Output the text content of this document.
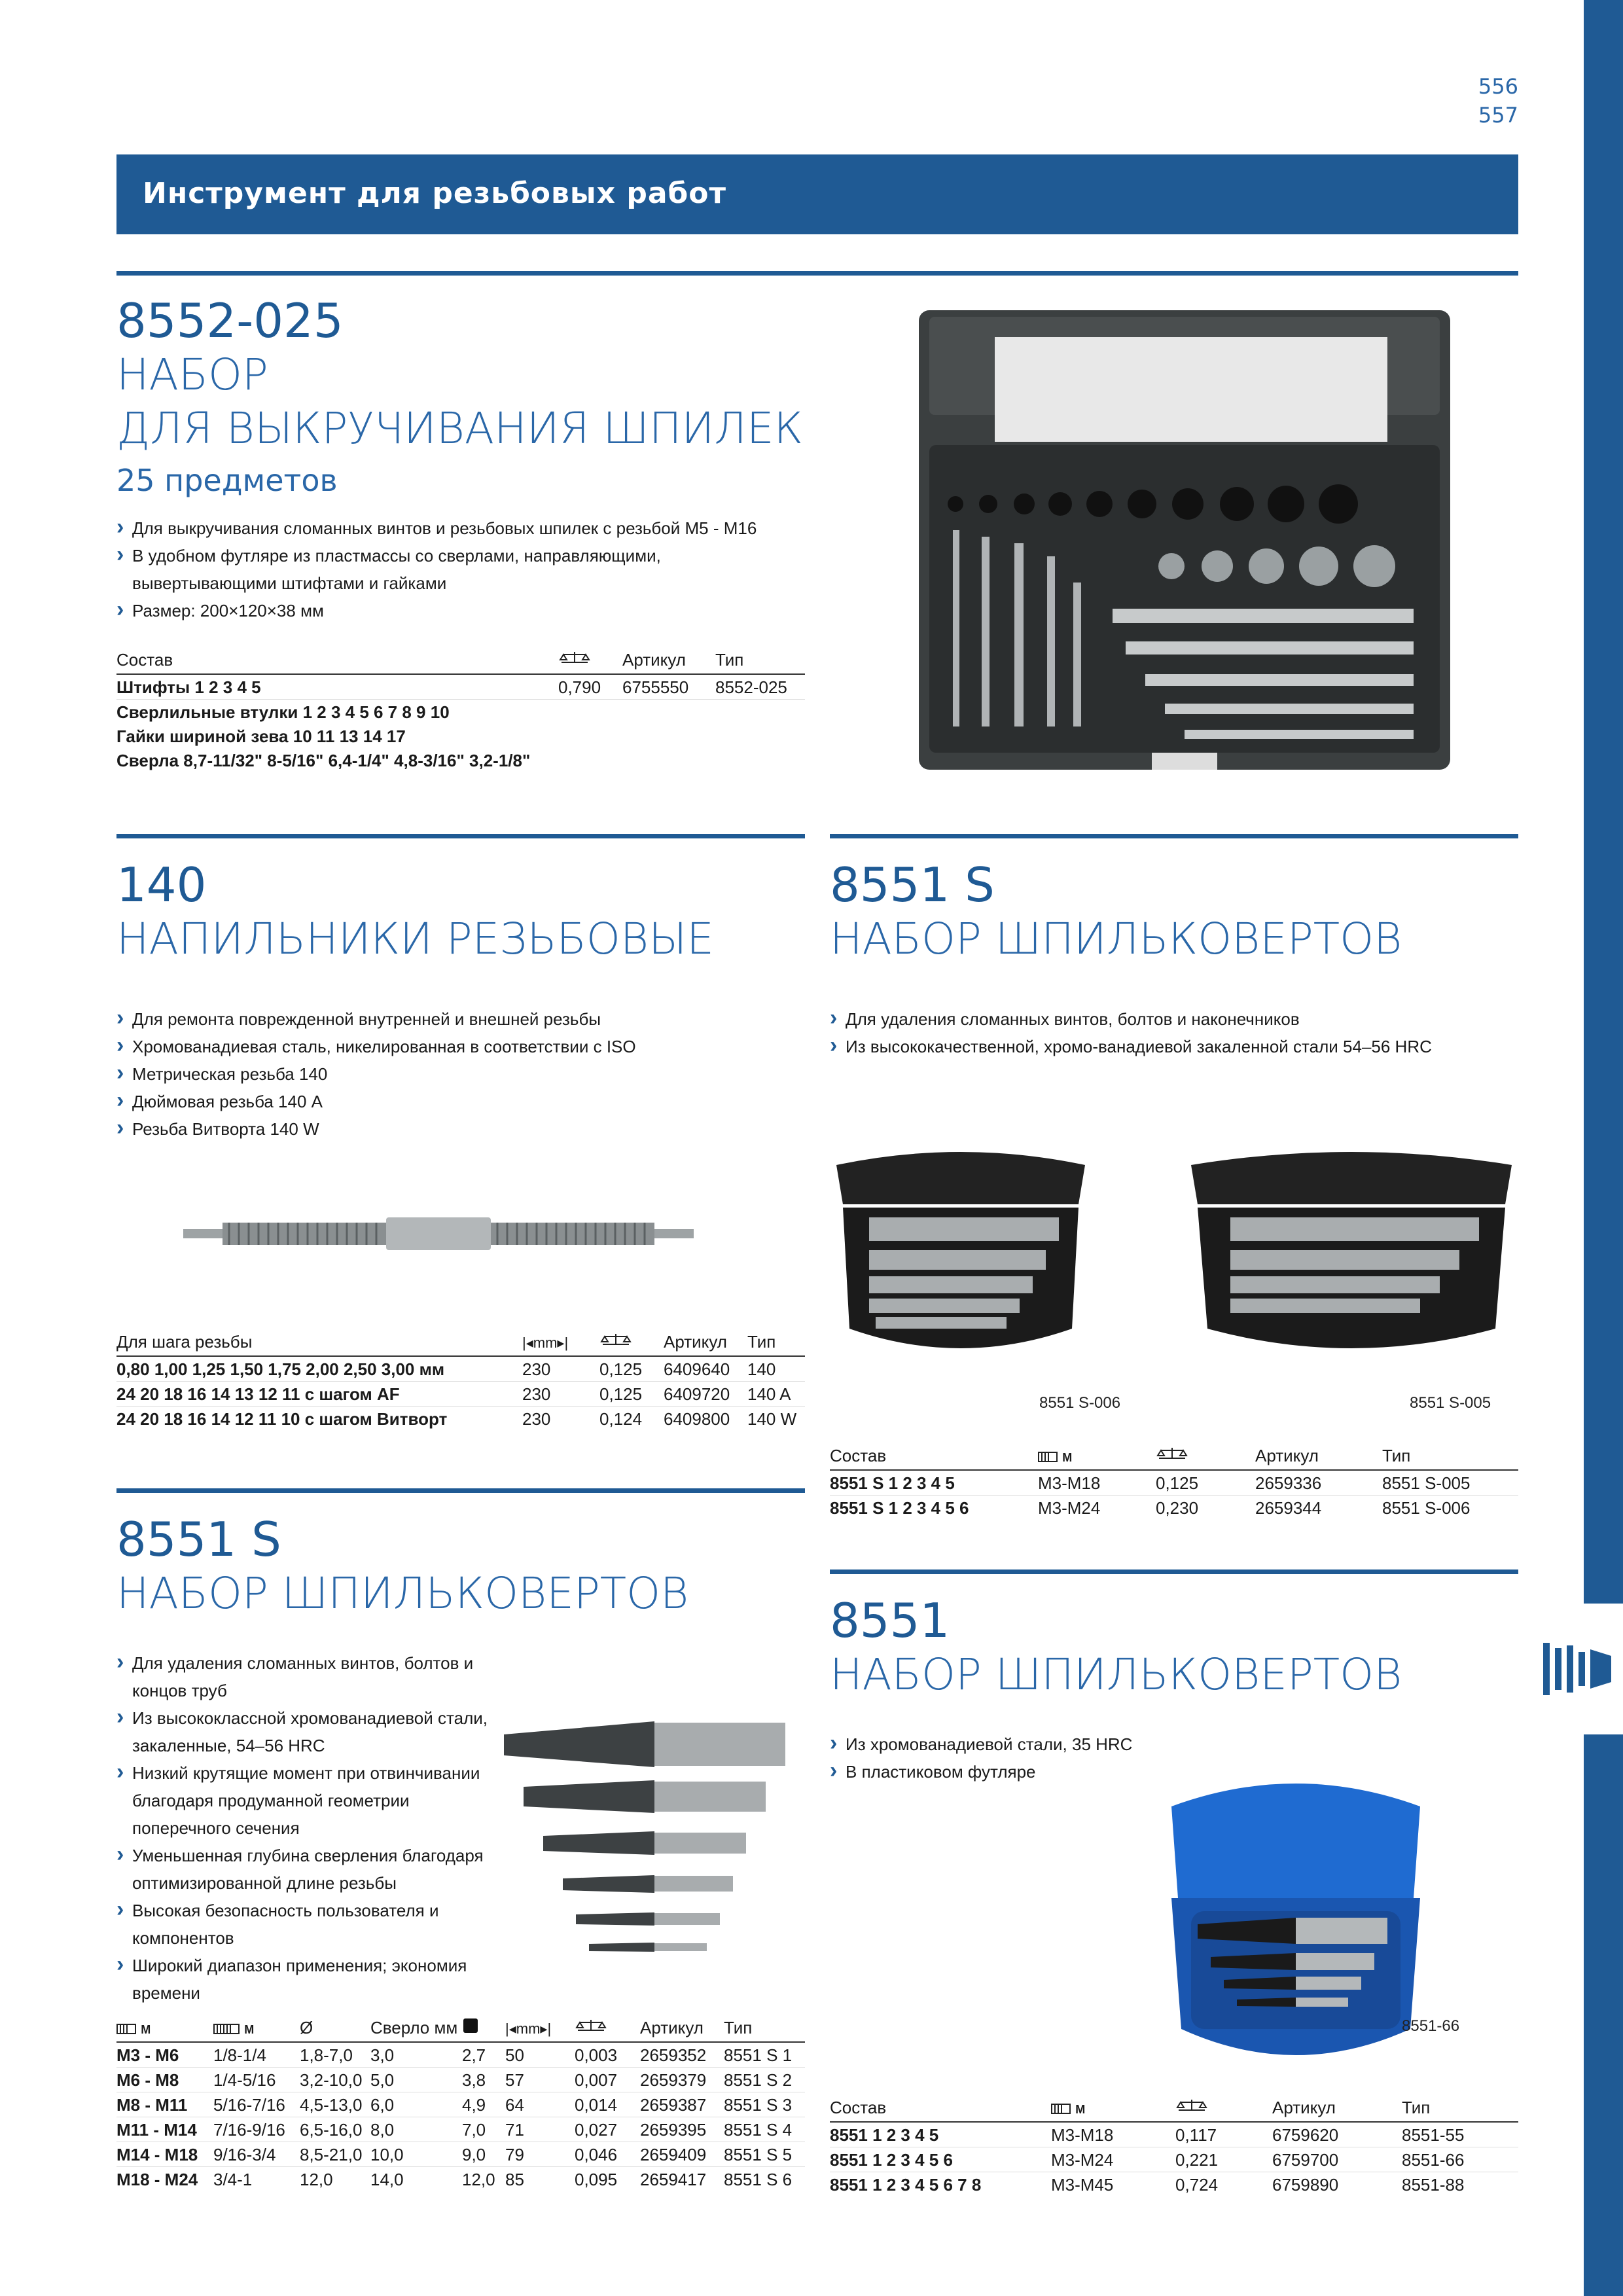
556
557
Инструмент для резьбовых работ
8552-025
НАБОР
ДЛЯ ВЫКРУЧИВАНИЯ ШПИЛЕК
25 предметов
› Для выкручивания сломанных винтов и резьбовых шпилек с резьбой M5 - M16
› В удобном футляре из пластмассы со сверлами, направляющими, вывертывающими штифтами и гайками
› Размер: 200×120×38 мм
Состав		Артикул	Тип
Штифты 1 2 3 4 5	0,790	6755550	8552-025
Сверлильные втулки 1 2 3 4 5 6 7 8 9 10			
Гайки шириной зева 10 11 13 14 17			
Сверла 8,7-11/32" 8-5/16" 6,4-1/4" 4,8-3/16" 3,2-1/8"			
140
НАПИЛЬНИКИ РЕЗЬБОВЫЕ
› Для ремонта поврежденной внутренней и внешней резьбы
› Хромованадиевая сталь, никелированная в соответствии с ISO
› Метрическая резьба 140
› Дюймовая резьба 140 A
› Резьба Витворта 140 W
Для шага резьбы	|◂mm▸|		Артикул	Тип
0,80 1,00 1,25 1,50 1,75 2,00 2,50 3,00 мм	230	0,125	6409640	140
24 20 18 16 14 13 12 11 с шагом AF	230	0,125	6409720	140 A
24 20 18 16 14 12 11 10 с шагом Витворт	230	0,124	6409800	140 W
8551 S
НАБОР ШПИЛЬКОВЕРТОВ
› Для удаления сломанных винтов, болтов и наконечников
› Из высококачественной, хромо-ванадиевой закаленной стали 54–56 HRC
8551 S-006	8551 S-005
Состав	M		Артикул	Тип
8551 S 1 2 3 4 5	M3-M18	0,125	2659336	8551 S-005
8551 S 1 2 3 4 5 6	M3-M24	0,230	2659344	8551 S-006
8551 S
НАБОР ШПИЛЬКОВЕРТОВ
› Для удаления сломанных винтов, болтов и концов труб
› Из высококлассной хромованадиевой стали, закаленные, 54–56 HRC
› Низкий крутящие момент при отвинчивании благодаря продуманной геометрии поперечного сечения
› Уменьшенная глубина сверления благодаря оптимизированной длине резьбы
› Высокая безопасность пользователя и компонентов
› Широкий диапазон применения; экономия времени
M	M	Ø	Сверло мм		|◂mm▸|		Артикул	Тип
M3 - M6	1/8-1/4	1,8-7,0	3,0	2,7	50	0,003	2659352	8551 S 1
M6 - M8	1/4-5/16	3,2-10,0	5,0	3,8	57	0,007	2659379	8551 S 2
M8 - M11	5/16-7/16	4,5-13,0	6,0	4,9	64	0,014	2659387	8551 S 3
M11 - M14	7/16-9/16	6,5-16,0	8,0	7,0	71	0,027	2659395	8551 S 4
M14 - M18	9/16-3/4	8,5-21,0	10,0	9,0	79	0,046	2659409	8551 S 5
M18 - M24	3/4-1	12,0	14,0	12,0	85	0,095	2659417	8551 S 6
8551
НАБОР ШПИЛЬКОВЕРТОВ
› Из хромованадиевой стали, 35 HRC
› В пластиковом футляре
8551-66
Состав	M		Артикул	Тип
8551 1 2 3 4 5	M3-M18	0,117	6759620	8551-55
8551 1 2 3 4 5 6	M3-M24	0,221	6759700	8551-66
8551 1 2 3 4 5 6 7 8	M3-M45	0,724	6759890	8551-88
